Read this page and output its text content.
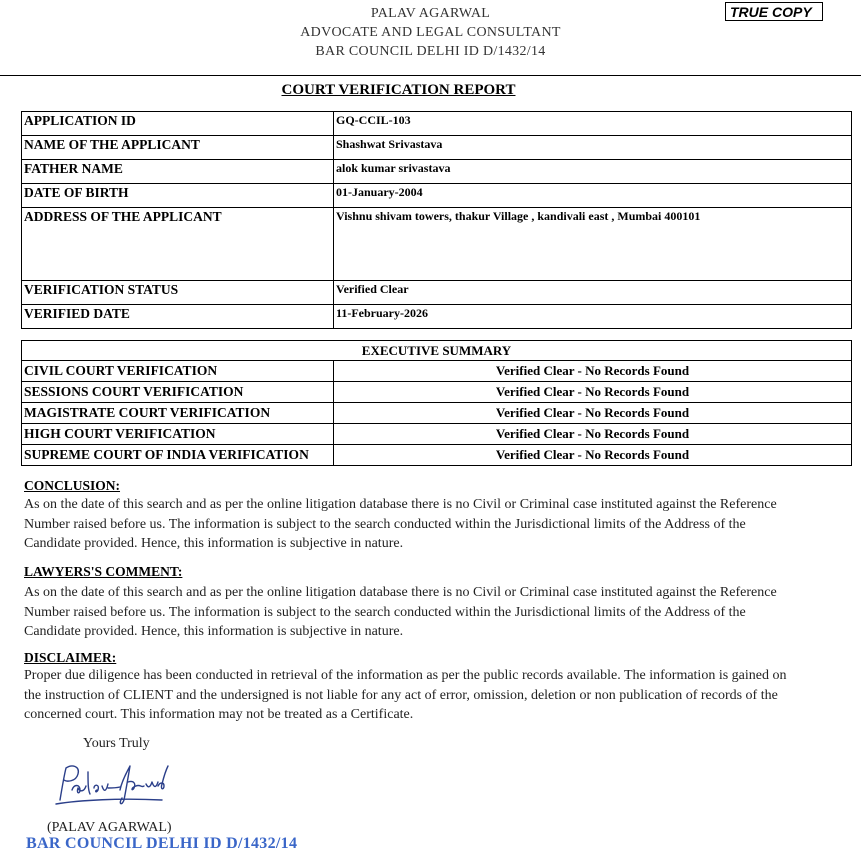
PALAV AGARWAL
ADVOCATE AND LEGAL CONSULTANT
BAR COUNCIL DELHI ID D/1432/14
TRUE COPY
COURT VERIFICATION REPORT
APPLICATION ID	GQ-CCIL-103
NAME OF THE APPLICANT	Shashwat Srivastava
FATHER NAME	alok kumar srivastava
DATE OF BIRTH	01-January-2004
ADDRESS OF THE APPLICANT	Vishnu shivam towers, thakur Village , kandivali east , Mumbai 400101
VERIFICATION STATUS	Verified Clear
VERIFIED DATE	11-February-2026
EXECUTIVE SUMMARY	
CIVIL COURT VERIFICATION	Verified Clear - No Records Found
SESSIONS COURT VERIFICATION	Verified Clear - No Records Found
MAGISTRATE COURT VERIFICATION	Verified Clear - No Records Found
HIGH COURT VERIFICATION	Verified Clear - No Records Found
SUPREME COURT OF INDIA VERIFICATION	Verified Clear - No Records Found
CONCLUSION:
As on the date of this search and as per the online litigation database there is no Civil or Criminal case instituted against the Reference
Number raised before us. The information is subject to the search conducted within the Jurisdictional limits of the Address of the
Candidate provided. Hence, this information is subjective in nature.
LAWYERS'S COMMENT:
As on the date of this search and as per the online litigation database there is no Civil or Criminal case instituted against the Reference
Number raised before us. The information is subject to the search conducted within the Jurisdictional limits of the Address of the
Candidate provided. Hence, this information is subjective in nature.
DISCLAIMER:
Proper due diligence has been conducted in retrieval of the information as per the public records available. The information is gained on
the instruction of CLIENT and the undersigned is not liable for any act of error, omission, deletion or non publication of records of the
concerned court. This information may not be treated as a Certificate.
Yours Truly
(PALAV AGARWAL)
BAR COUNCIL DELHI ID D/1432/14
